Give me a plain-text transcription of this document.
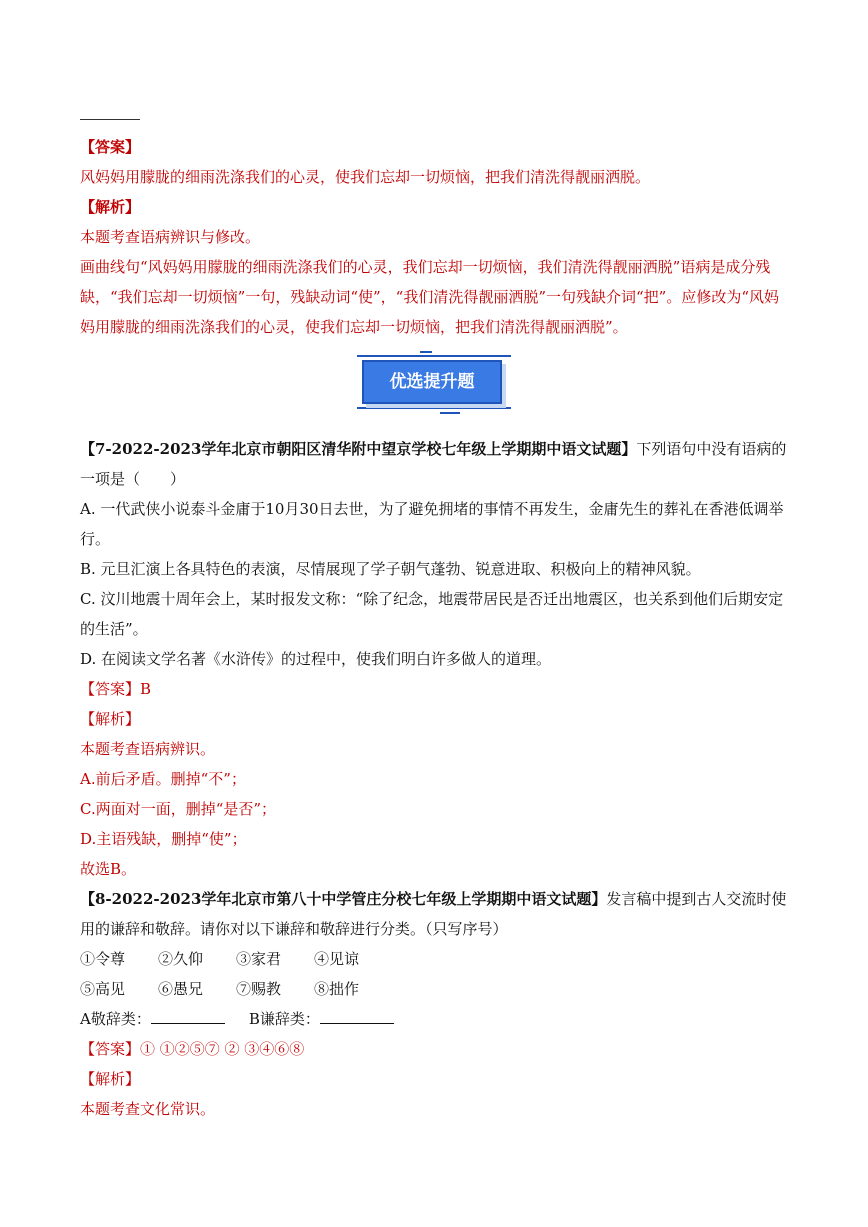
【答案】
风妈妈用朦胧的细雨洗涤我们的心灵，使我们忘却一切烦恼，把我们清洗得靓丽洒脱。
【解析】
本题考查语病辨识与修改。
画曲线句“风妈妈用朦胧的细雨洗涤我们的心灵，我们忘却一切烦恼，我们清洗得靓丽洒脱”语病是成分残缺，“我们忘却一切烦恼”一句，残缺动词“使”，“我们清洗得靓丽洒脱”一句残缺介词“把”。应修改为“风妈妈用朦胧的细雨洗涤我们的心灵，使我们忘却一切烦恼，把我们清洗得靓丽洒脱”。
优选提升题
【7-2022-2023学年北京市朝阳区清华附中望京学校七年级上学期期中语文试题】下列语句中没有语病的一项是（　　）
A. 一代武侠小说泰斗金庸于10月30日去世，为了避免拥堵的事情不再发生，金庸先生的葬礼在香港低调举行。
B. 元旦汇演上各具特色的表演，尽情展现了学子朝气蓬勃、锐意进取、积极向上的精神风貌。
C. 汶川地震十周年会上，某时报发文称：“除了纪念，地震带居民是否迁出地震区，也关系到他们后期安定的生活”。
D. 在阅读文学名著《水浒传》的过程中，使我们明白许多做人的道理。
【答案】B
【解析】
本题考查语病辨识。
A.前后矛盾。删掉“不”；
C.两面对一面，删掉“是否”；
D.主语残缺，删掉“使”；
故选B。
【8-2022-2023学年北京市第八十中学管庄分校七年级上学期期中语文试题】发言稿中提到古人交流时使用的谦辞和敬辞。请你对以下谦辞和敬辞进行分类。（只写序号）
①令尊 ②久仰 ③家君 ④见谅
⑤高见 ⑥愚兄 ⑦赐教 ⑧拙作
A敬辞类：	B谦辞类：
【答案】① ①②⑤⑦ ② ③④⑥⑧
【解析】
本题考查文化常识。
